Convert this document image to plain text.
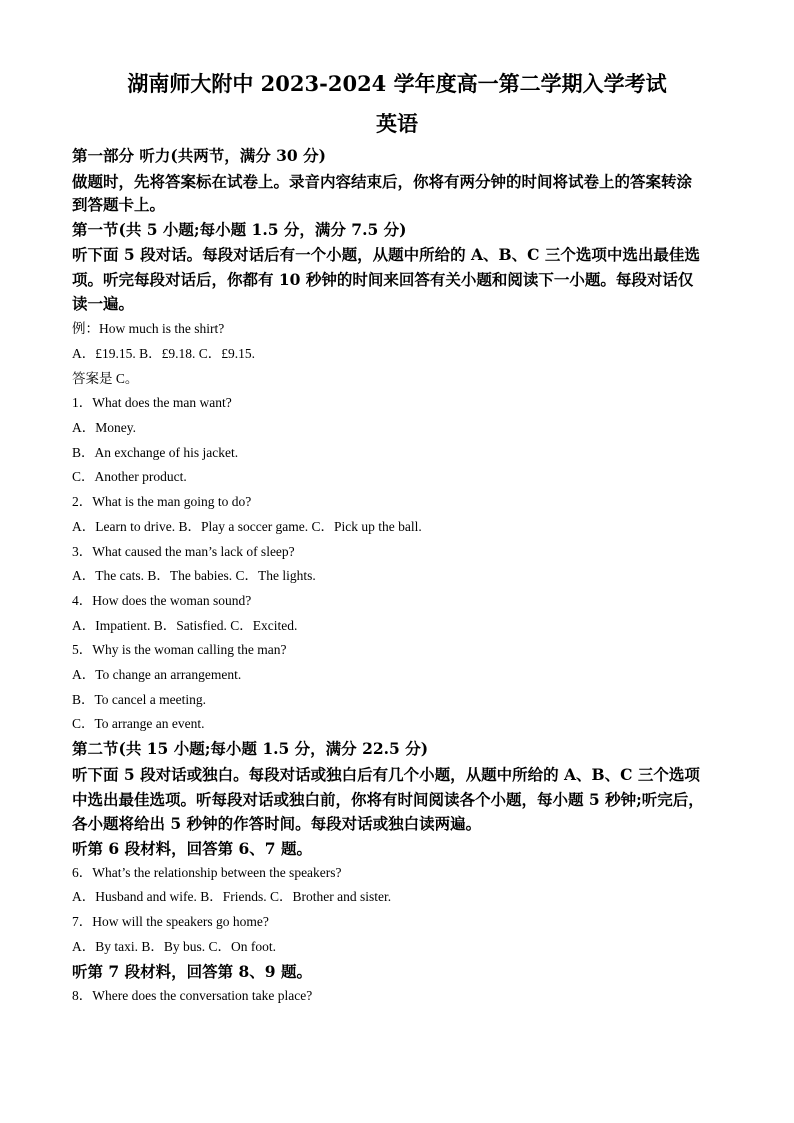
湖南师大附中 2023-2024 学年度高一第二学期入学考试
英语
第一部分 听力(共两节，满分 30 分)
做题时，先将答案标在试卷上。录音内容结束后，你将有两分钟的时间将试卷上的答案转涂
到答题卡上。
第一节(共 5 小题;每小题 1.5 分，满分 7.5 分)
听下面 5 段对话。每段对话后有一个小题，从题中所给的 A、B、C 三个选项中选出最佳选
项。听完每段对话后，你都有 10 秒钟的时间来回答有关小题和阅读下一小题。每段对话仅
读一遍。
例：How much is the shirt?
A．£19.15. B．£9.18. C．£9.15.
答案是 C。
1．What does the man want?
A．Money.
B．An exchange of his jacket.
C．Another product.
2．What is the man going to do?
A．Learn to drive. B．Play a soccer game. C．Pick up the ball.
3．What caused the man’s lack of sleep?
A．The cats. B．The babies. C．The lights.
4．How does the woman sound?
A．Impatient. B．Satisfied. C．Excited.
5．Why is the woman calling the man?
A．To change an arrangement.
B．To cancel a meeting.
C．To arrange an event.
第二节(共 15 小题;每小题 1.5 分，满分 22.5 分)
听下面 5 段对话或独白。每段对话或独白后有几个小题，从题中所给的 A、B、C 三个选项
中选出最佳选项。听每段对话或独白前，你将有时间阅读各个小题，每小题 5 秒钟;听完后，
各小题将给出 5 秒钟的作答时间。每段对话或独白读两遍。
听第 6 段材料，回答第 6、7 题。
6．What’s the relationship between the speakers?
A．Husband and wife. B．Friends. C．Brother and sister.
7．How will the speakers go home?
A．By taxi. B．By bus. C．On foot.
听第 7 段材料，回答第 8、9 题。
8．Where does the conversation take place?
